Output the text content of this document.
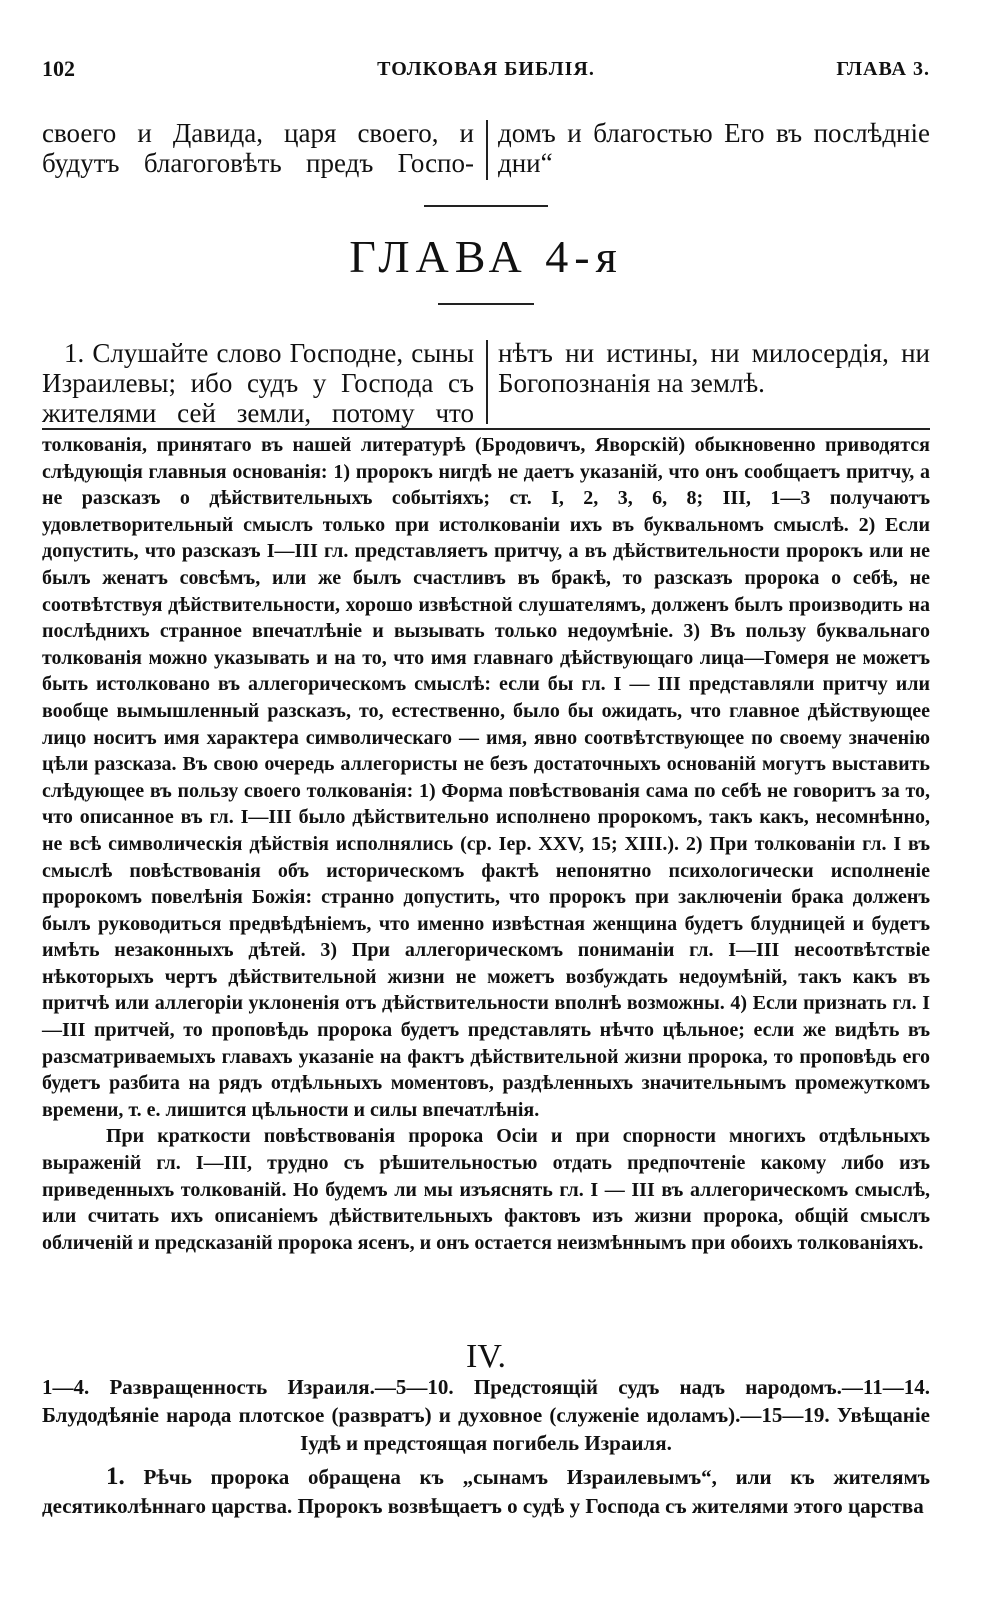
102	ТОЛКОВАЯ БИБЛІЯ.	ГЛАВА 3.
своего и Давида, царя своего, и будутъ благоговѣть предъ Госпо-
домъ и благостью Его въ послѣдніе дни“
ГЛАВА 4-я
1. Слушайте слово Господне, сыны Израилевы; ибо судъ у Господа съ жителями сей земли, потому что
нѣтъ ни истины, ни милосердія, ни Богопознанія на землѣ.

толкованія, принятаго въ нашей литературѣ (Бродовичъ, Яворскій) обыкновенно приводятся слѣдующія главныя основанія: 1) пророкъ нигдѣ не даетъ указаній, что онъ сообщаетъ притчу, а не разсказъ о дѣйствительныхъ событіяхъ; ст. I, 2, 3, 6, 8; III, 1—3 получаютъ удовлетворительный смыслъ только при истолкованіи ихъ въ буквальномъ смыслѣ. 2) Если допустить, что разсказъ I—III гл. представляетъ притчу, а въ дѣйствительности пророкъ или не былъ женатъ совсѣмъ, или же былъ счастливъ въ бракѣ, то разсказъ пророка о себѣ, не соотвѣтствуя дѣйствительности, хорошо извѣстной слушателямъ, долженъ былъ производить на послѣднихъ странное впечатлѣніе и вызывать только недоумѣніе. 3) Въ пользу буквальнаго толкованія можно указывать и на то, что имя главнаго дѣйствующаго лица—Гомеря не можетъ быть истолковано въ аллегорическомъ смыслѣ: если бы гл. I — III представляли притчу или вообще вымышленный разсказъ, то, естественно, было бы ожидать, что главное дѣйствующее лицо носитъ имя характера символическаго — имя, явно соотвѣтствующее по своему значенію цѣли разсказа. Въ свою очередь аллегористы не безъ достаточныхъ основаній могутъ выставить слѣдующее въ пользу своего толкованія: 1) Форма повѣствованія сама по себѣ не говоритъ за то, что описанное въ гл. I—III было дѣйствительно исполнено пророкомъ, такъ какъ, несомнѣнно, не всѣ символическія дѣйствія исполнялись (ср. Іер. XXV, 15; XIII.). 2) При толкованіи гл. I въ смыслѣ повѣствованія объ историческомъ фактѣ непонятно психологически исполненіе пророкомъ повелѣнія Божія: странно допустить, что пророкъ при заключеніи брака долженъ былъ руководиться предвѣдѣніемъ, что именно извѣстная женщина будетъ блудницей и будетъ имѣть незаконныхъ дѣтей. 3) При аллегорическомъ пониманіи гл. I—III несоотвѣтствіе нѣкоторыхъ чертъ дѣйствительной жизни не можетъ возбуждать недоумѣній, такъ какъ въ притчѣ или аллегоріи уклоненія отъ дѣйствительности вполнѣ возможны. 4) Если признать гл. I—III притчей, то проповѣдь пророка будетъ представлять нѣчто цѣльное; если же видѣть въ разсматриваемыхъ главахъ указаніе на фактъ дѣйствительной жизни пророка, то проповѣдь его будетъ разбита на рядъ отдѣльныхъ моментовъ, раздѣленныхъ значительнымъ промежуткомъ времени, т. е. лишится цѣльности и силы впечатлѣнія.

При краткости повѣствованія пророка Осіи и при спорности многихъ отдѣльныхъ выраженій гл. I—III, трудно съ рѣшительностью отдать предпочтеніе какому либо изъ приведенныхъ толкованій. Но будемъ ли мы изъяснять гл. I — III въ аллегорическомъ смыслѣ, или считать ихъ описаніемъ дѣйствительныхъ фактовъ изъ жизни пророка, общій смыслъ обличеній и предсказаній пророка ясенъ, и онъ остается неизмѣннымъ при обоихъ толкованіяхъ.

IV.
1—4. Развращенность Израиля.—5—10. Предстоящій судъ надъ народомъ.—11—14. Блудодѣяніе народа плотское (развратъ) и духовное (служеніе идоламъ).—15—19. Увѣщаніе Іудѣ и предстоящая погибель Израиля.
1. Рѣчь пророка обращена къ „сынамъ Израилевымъ“, или къ жителямъ десятиколѣннаго царства. Пророкъ возвѣщаетъ о судѣ у Господа съ жителями этого царства
